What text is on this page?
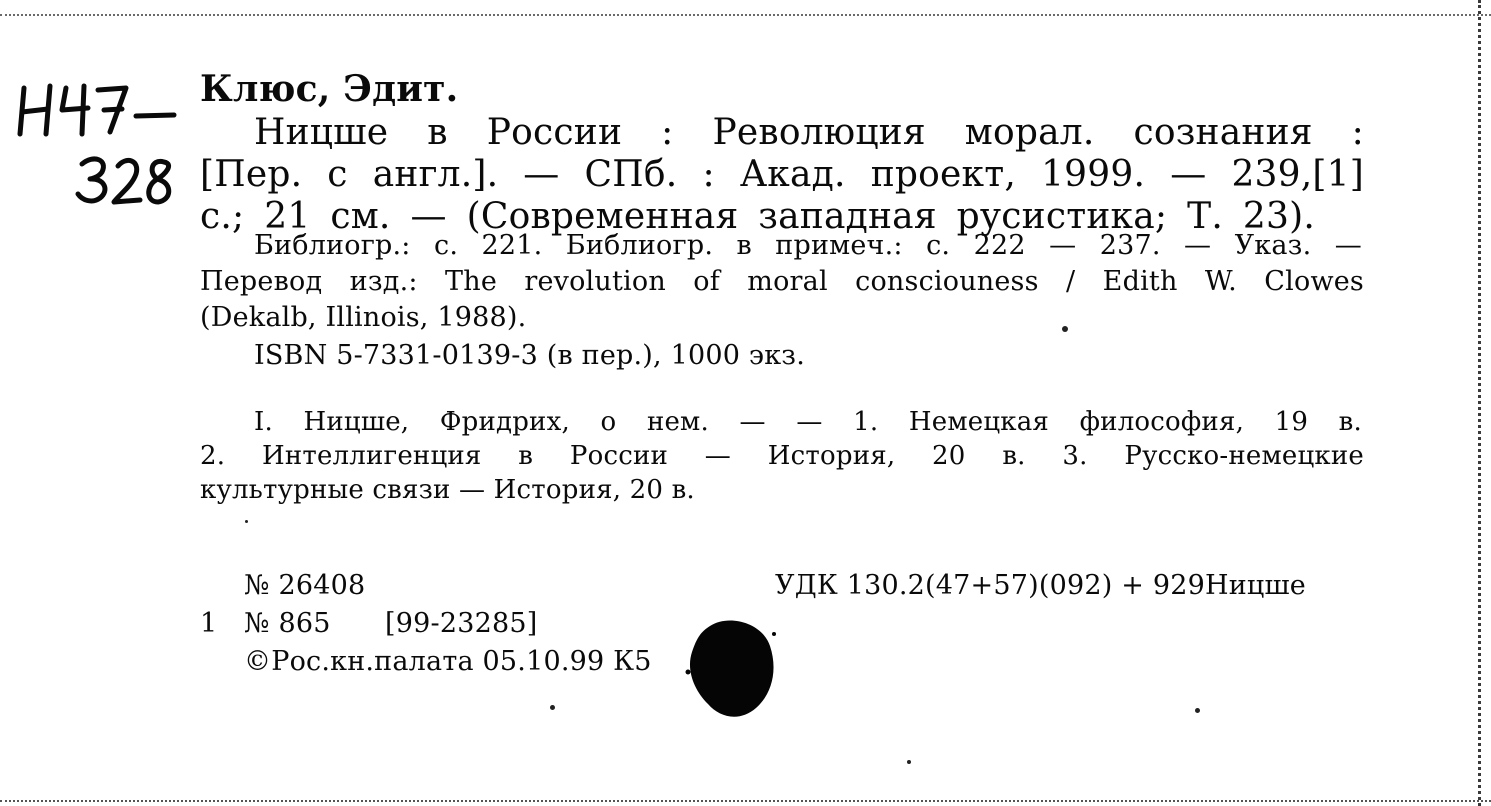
Клюс, Эдит.
Ницше в России : Революция морал. сознания :
[Пер. с англ.]. — СПб. : Акад. проект, 1999. — 239,[1]
с.; 21 см. — (Современная западная русистика; Т. 23).
Библиогр.: с. 221. Библиогр. в примеч.: с. 222 — 237. — Указ. —
Перевод изд.: The revolution of moral consciouness / Edith W. Clowes
(Dekalb, Illinois, 1988).
ISBN 5-7331-0139-3 (в пер.), 1000 экз.
I. Ницше, Фридрих, о нем. — — 1. Немецкая философия, 19 в.
2. Интеллигенция в России — История, 20 в. 3. Русско-немецкие
культурные связи — История, 20 в.
№ 26408	УДК 130.2(47+57)(092) + 929Ницше
1 № 865 [99-23285]
©Рос.кн.палата 05.10.99 К5
